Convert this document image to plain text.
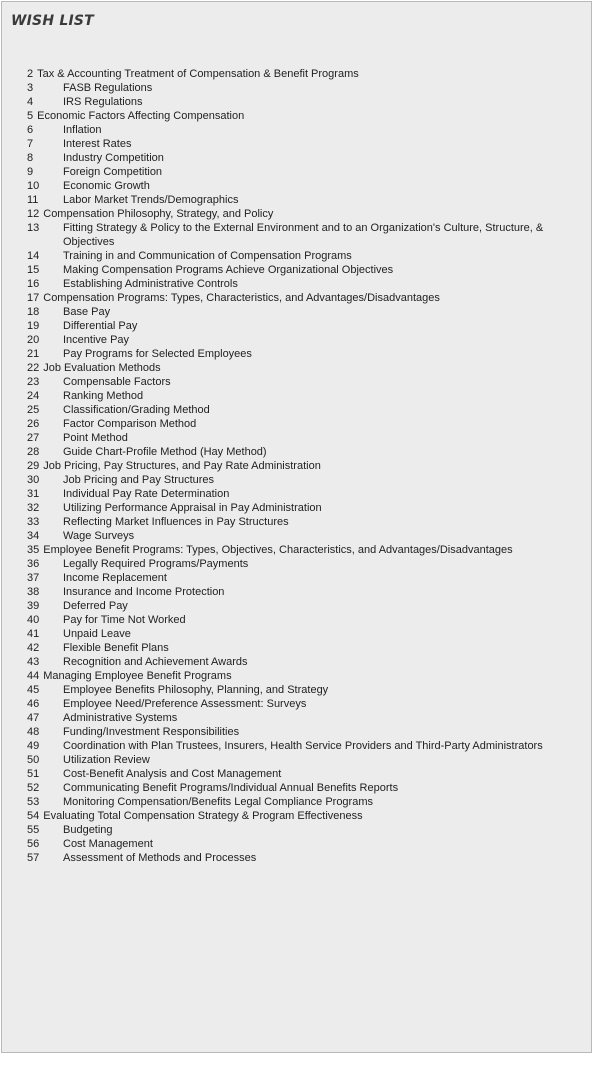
WISH LIST
2 Tax & Accounting Treatment of Compensation & Benefit Programs
3	FASB Regulations
4	IRS Regulations
5 Economic Factors Affecting Compensation
6	Inflation
7	Interest Rates
8	Industry Competition
9	Foreign Competition
10	Economic Growth
11	Labor Market Trends/Demographics
12 Compensation Philosophy, Strategy, and Policy
13	Fitting Strategy & Policy to the External Environment and to an Organization's Culture, Structure, & Objectives
14	Training in and Communication of Compensation Programs
15	Making Compensation Programs Achieve Organizational Objectives
16	Establishing Administrative Controls
17 Compensation Programs: Types, Characteristics, and Advantages/Disadvantages
18	Base Pay
19	Differential Pay
20	Incentive Pay
21	Pay Programs for Selected Employees
22 Job Evaluation Methods
23	Compensable Factors
24	Ranking Method
25	Classification/Grading Method
26	Factor Comparison Method
27	Point Method
28	Guide Chart-Profile Method (Hay Method)
29 Job Pricing, Pay Structures, and Pay Rate Administration
30	Job Pricing and Pay Structures
31	Individual Pay Rate Determination
32	Utilizing Performance Appraisal in Pay Administration
33	Reflecting Market Influences in Pay Structures
34	Wage Surveys
35 Employee Benefit Programs: Types, Objectives, Characteristics, and Advantages/Disadvantages
36	Legally Required Programs/Payments
37	Income Replacement
38	Insurance and Income Protection
39	Deferred Pay
40	Pay for Time Not Worked
41	Unpaid Leave
42	Flexible Benefit Plans
43	Recognition and Achievement Awards
44 Managing Employee Benefit Programs
45	Employee Benefits Philosophy, Planning, and Strategy
46	Employee Need/Preference Assessment: Surveys
47	Administrative Systems
48	Funding/Investment Responsibilities
49	Coordination with Plan Trustees, Insurers, Health Service Providers and Third-Party Administrators
50	Utilization Review
51	Cost-Benefit Analysis and Cost Management
52	Communicating Benefit Programs/Individual Annual Benefits Reports
53	Monitoring Compensation/Benefits Legal Compliance Programs
54 Evaluating Total Compensation Strategy & Program Effectiveness
55	Budgeting
56	Cost Management
57	Assessment of Methods and Processes
